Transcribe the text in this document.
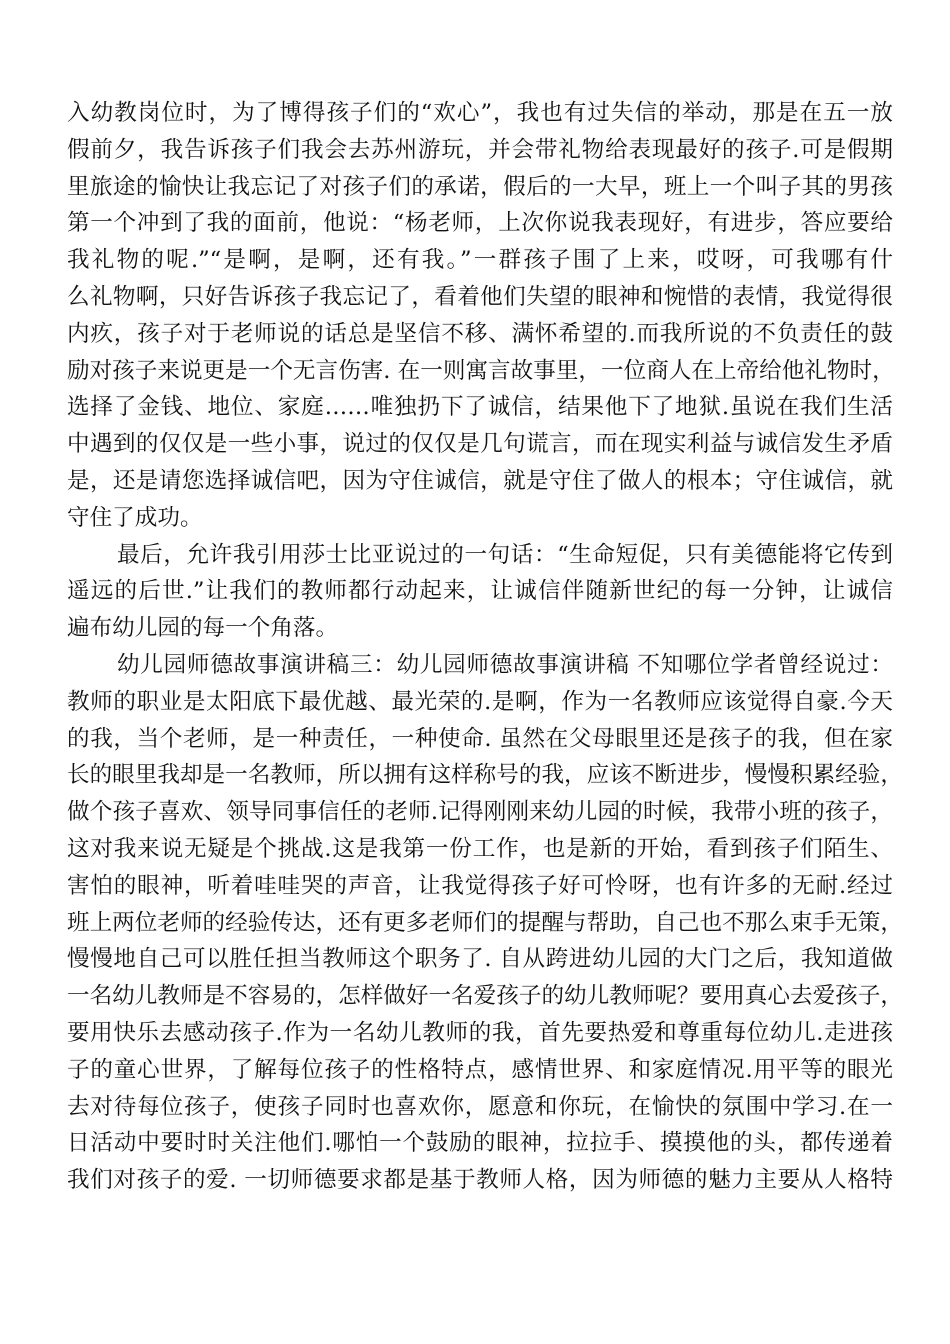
入幼教岗位时，为了博得孩子们的“欢心”，我也有过失信的举动，那是在五一放
假前夕，我告诉孩子们我会去苏州游玩，并会带礼物给表现最好的孩子.可是假期
里旅途的愉快让我忘记了对孩子们的承诺，假后的一大早，班上一个叫子其的男孩
第一个冲到了我的面前，他说：“杨老师，上次你说我表现好，有进步，答应要给
我礼物的呢.”“是啊，是啊，还有我。”一群孩子围了上来，哎呀，可我哪有什
么礼物啊，只好告诉孩子我忘记了，看着他们失望的眼神和惋惜的表情，我觉得很
内疚，孩子对于老师说的话总是坚信不移、满怀希望的.而我所说的不负责任的鼓
励对孩子来说更是一个无言伤害. 在一则寓言故事里，一位商人在上帝给他礼物时，
选择了金钱、地位、家庭……唯独扔下了诚信，结果他下了地狱.虽说在我们生活
中遇到的仅仅是一些小事，说过的仅仅是几句谎言，而在现实利益与诚信发生矛盾
是，还是请您选择诚信吧，因为守住诚信，就是守住了做人的根本；守住诚信，就
守住了成功。
最后，允许我引用莎士比亚说过的一句话：“生命短促，只有美德能将它传到
遥远的后世.”让我们的教师都行动起来，让诚信伴随新世纪的每一分钟，让诚信
遍布幼儿园的每一个角落。
幼儿园师德故事演讲稿三：幼儿园师德故事演讲稿 不知哪位学者曾经说过：
教师的职业是太阳底下最优越、最光荣的.是啊，作为一名教师应该觉得自豪.今天
的我，当个老师，是一种责任，一种使命. 虽然在父母眼里还是孩子的我，但在家
长的眼里我却是一名教师，所以拥有这样称号的我，应该不断进步，慢慢积累经验，
做个孩子喜欢、领导同事信任的老师.记得刚刚来幼儿园的时候，我带小班的孩子，
这对我来说无疑是个挑战.这是我第一份工作，也是新的开始，看到孩子们陌生、
害怕的眼神，听着哇哇哭的声音，让我觉得孩子好可怜呀，也有许多的无耐.经过
班上两位老师的经验传达，还有更多老师们的提醒与帮助，自己也不那么束手无策，
慢慢地自己可以胜任担当教师这个职务了. 自从跨进幼儿园的大门之后，我知道做
一名幼儿教师是不容易的，怎样做好一名爱孩子的幼儿教师呢？要用真心去爱孩子，
要用快乐去感动孩子.作为一名幼儿教师的我，首先要热爱和尊重每位幼儿.走进孩
子的童心世界，了解每位孩子的性格特点，感情世界、和家庭情况.用平等的眼光
去对待每位孩子，使孩子同时也喜欢你，愿意和你玩，在愉快的氛围中学习.在一
日活动中要时时关注他们.哪怕一个鼓励的眼神，拉拉手、摸摸他的头，都传递着
我们对孩子的爱. 一切师德要求都是基于教师人格，因为师德的魅力主要从人格特
